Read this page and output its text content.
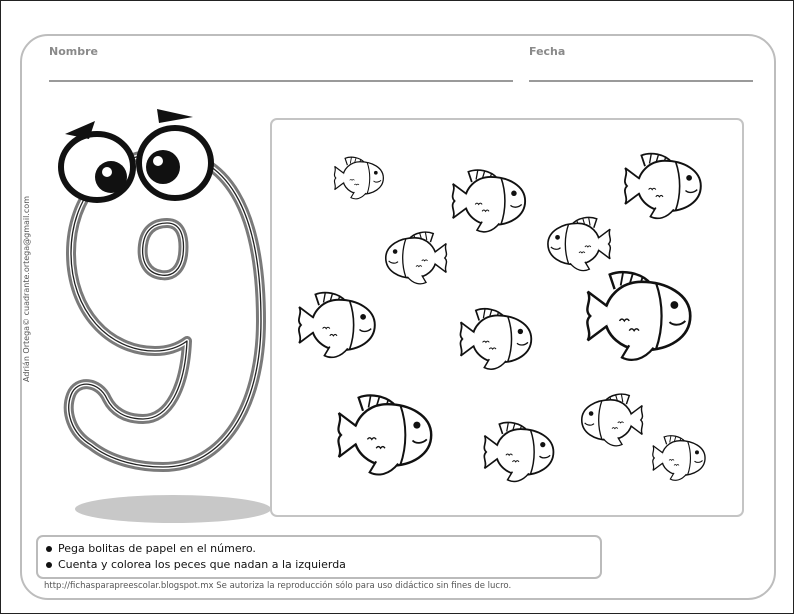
Nombre	Fecha
Adrián Ortega© cuadrante.ortega@gmail.com
Pega bolitas de papel en el número.
Cuenta y colorea los peces que nadan a la izquierda
http://fichasparapreescolar.blogspot.mx Se autoriza la reproducción sólo para uso didáctico sin fines de lucro.
